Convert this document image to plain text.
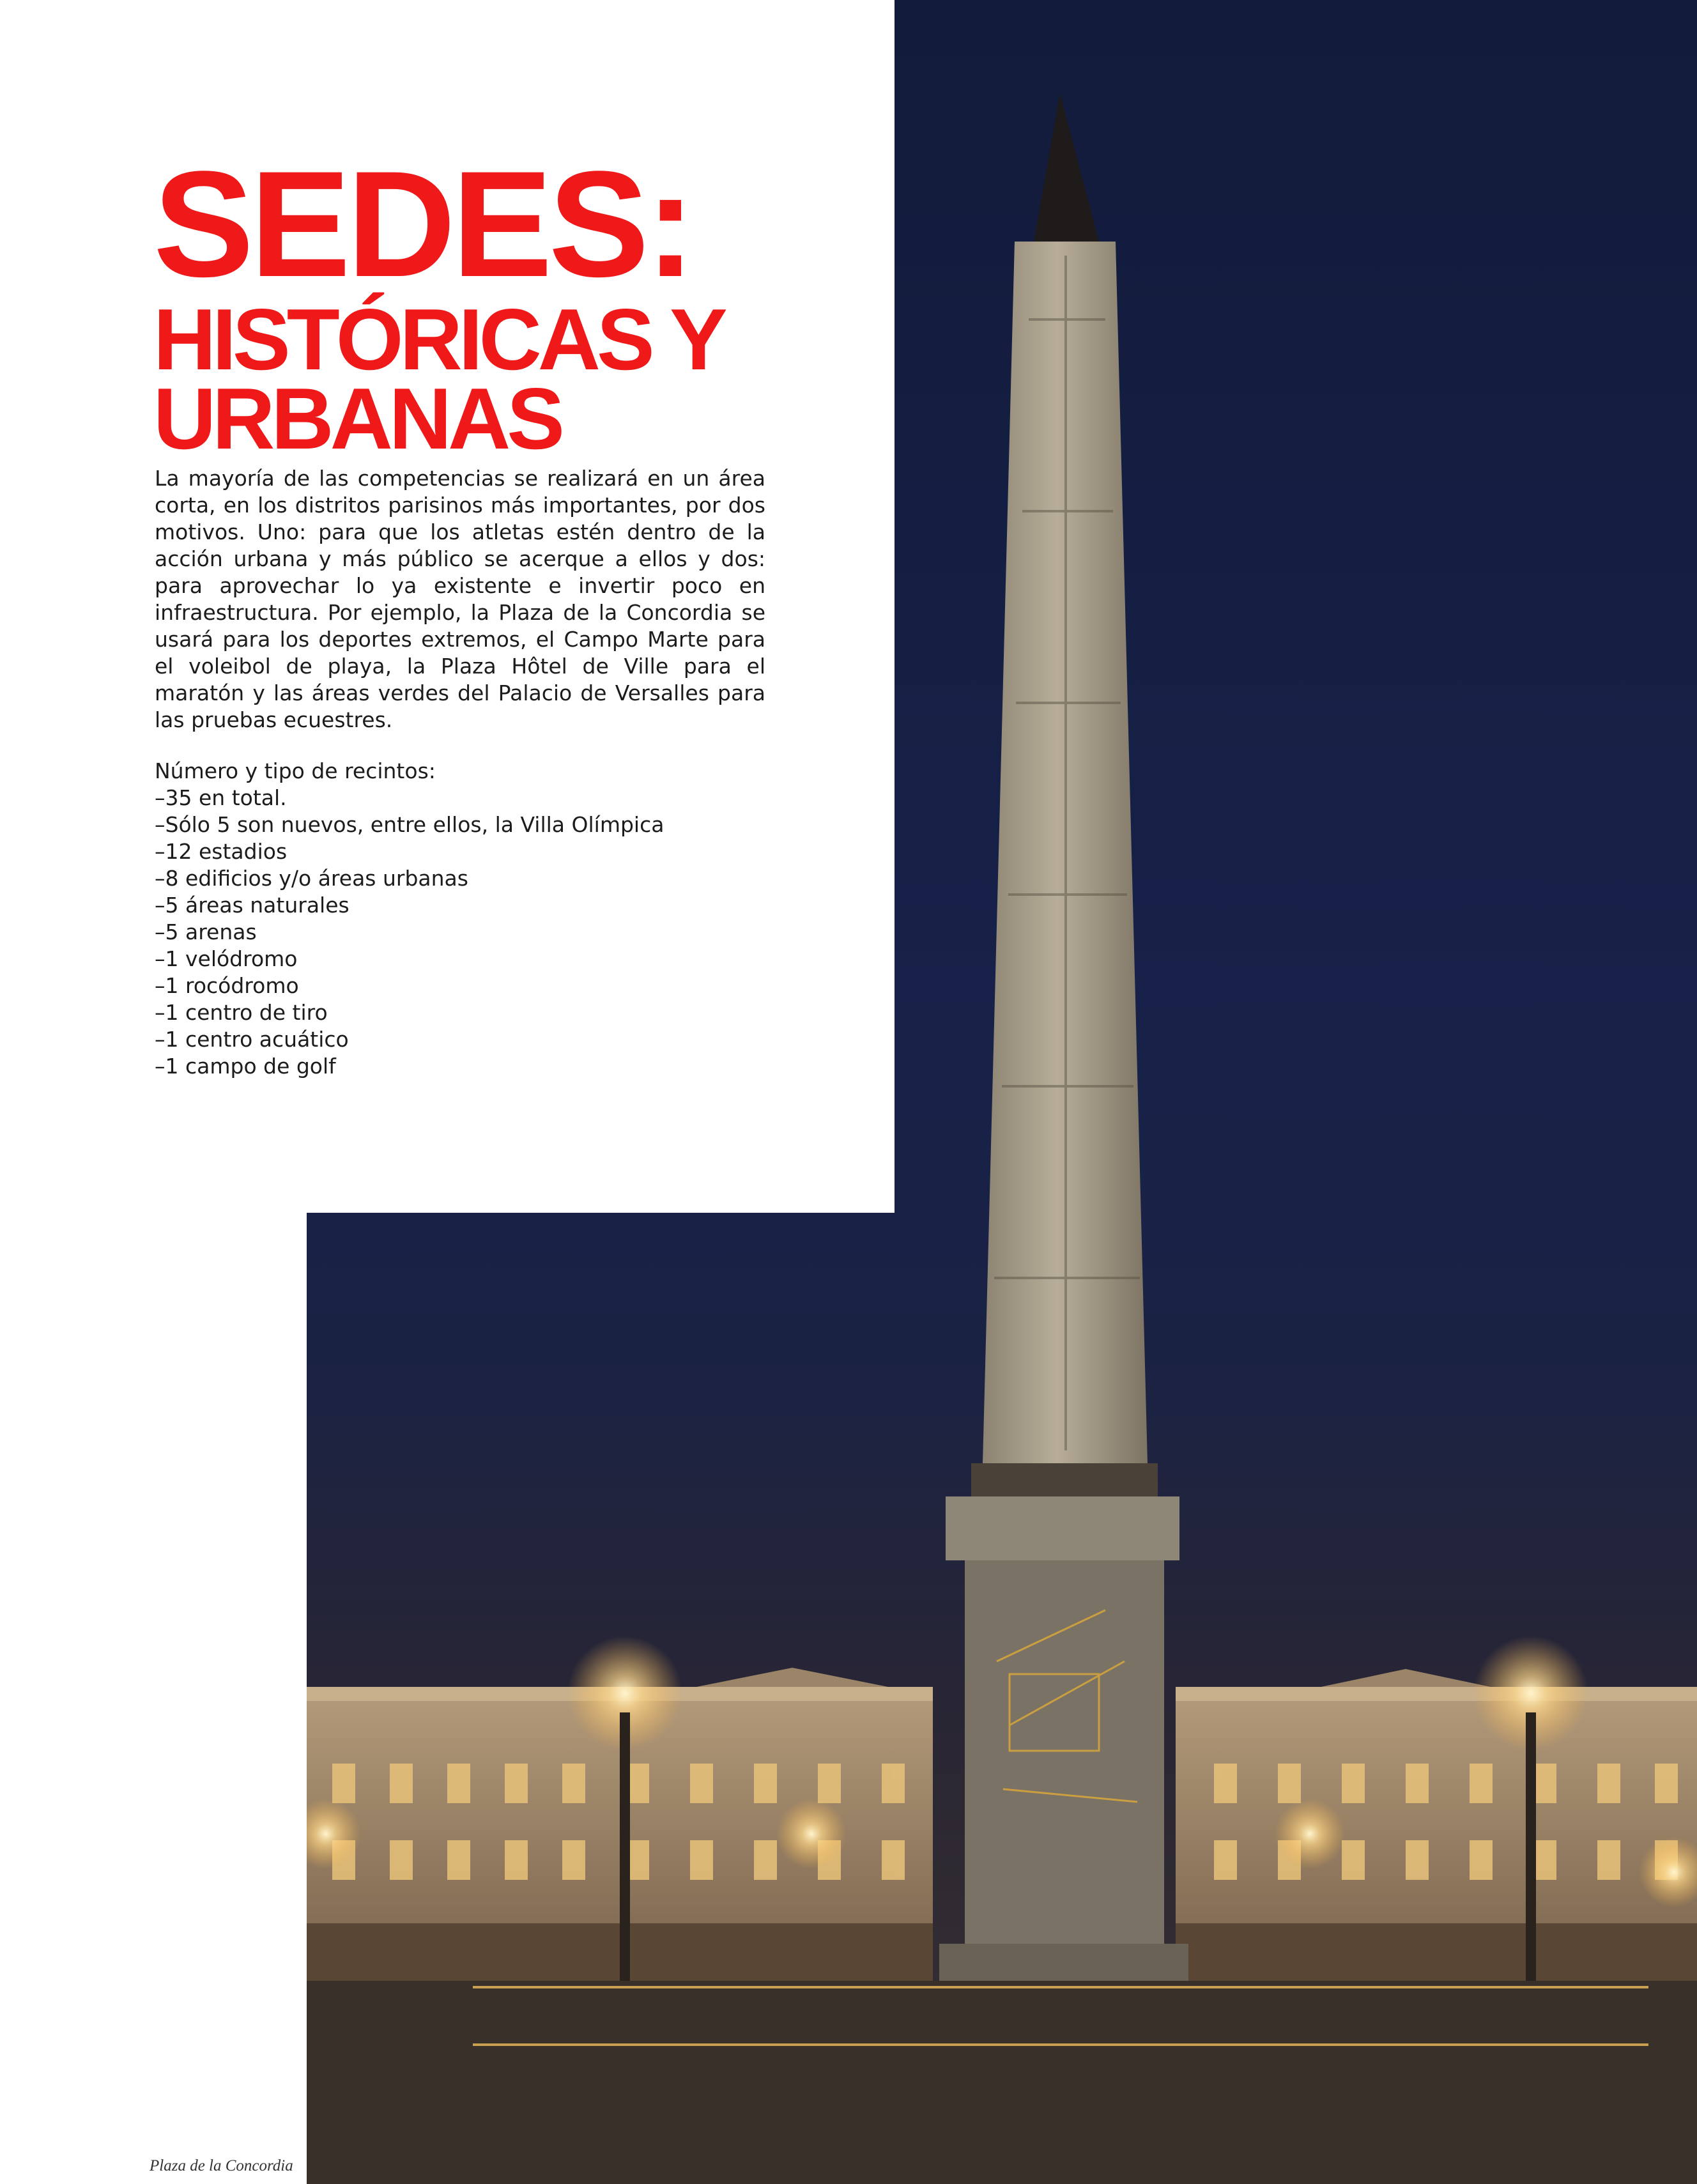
SEDES:
HISTÓRICAS Y
URBANAS

La mayoría de las competencias se realizará en un área corta, en los distritos parisinos más importantes, por dos motivos. Uno: para que los atletas estén dentro de la acción urbana y más público se acerque a ellos y dos: para aprovechar lo ya existente e invertir poco en infraestructura. Por ejemplo, la Plaza de la Concordia se usará para los deportes extremos, el Campo Marte para el voleibol de playa, la Plaza Hôtel de Ville para el maratón y las áreas verdes del Palacio de Versalles para las pruebas ecuestres.

Número y tipo de recintos:
–35 en total.
–Sólo 5 son nuevos, entre ellos, la Villa Olímpica
–12 estadios
–8 edificios y/o áreas urbanas
–5 áreas naturales
–5 arenas
–1 velódromo
–1 rocódromo
–1 centro de tiro
–1 centro acuático
–1 campo de golf
Plaza de la Concordia
